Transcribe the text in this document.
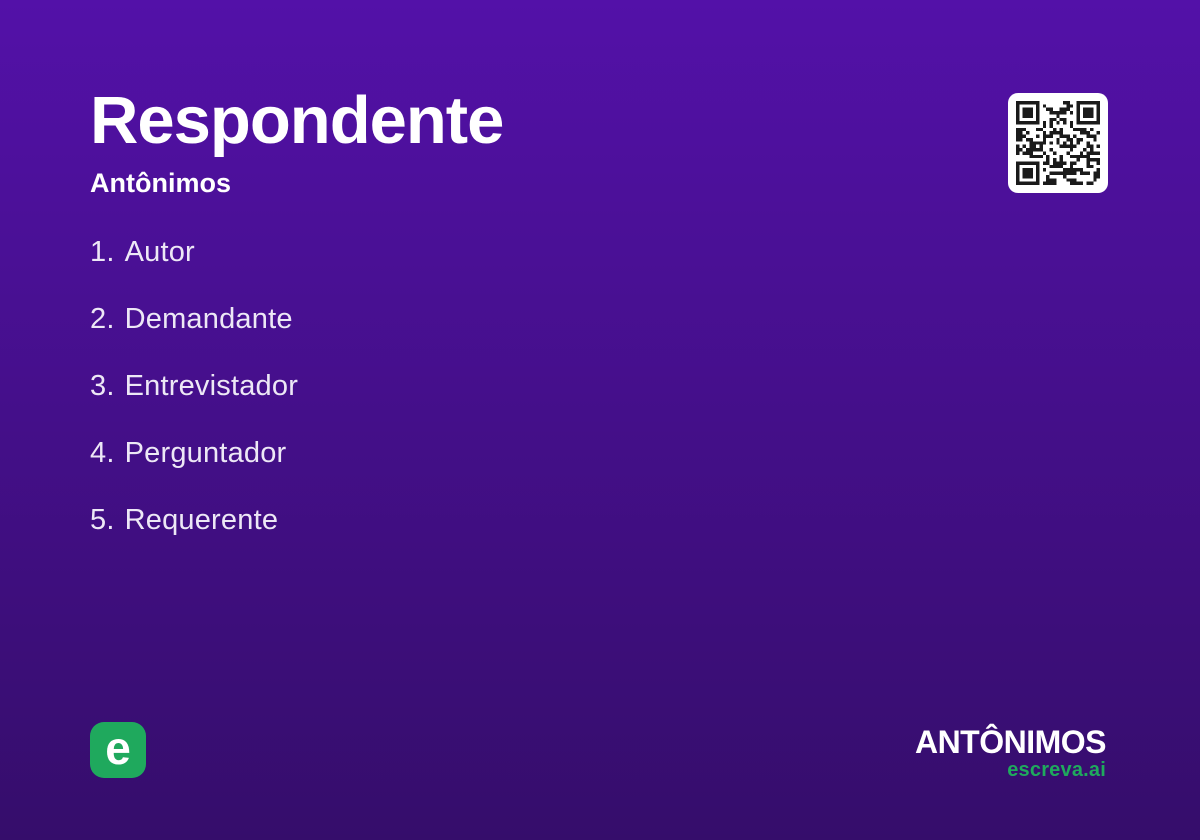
Respondente
Antônimos
1. Autor
2. Demandante
3. Entrevistador
4. Perguntador
5. Requerente
e	ANTÔNIMOS
escreva.ai
